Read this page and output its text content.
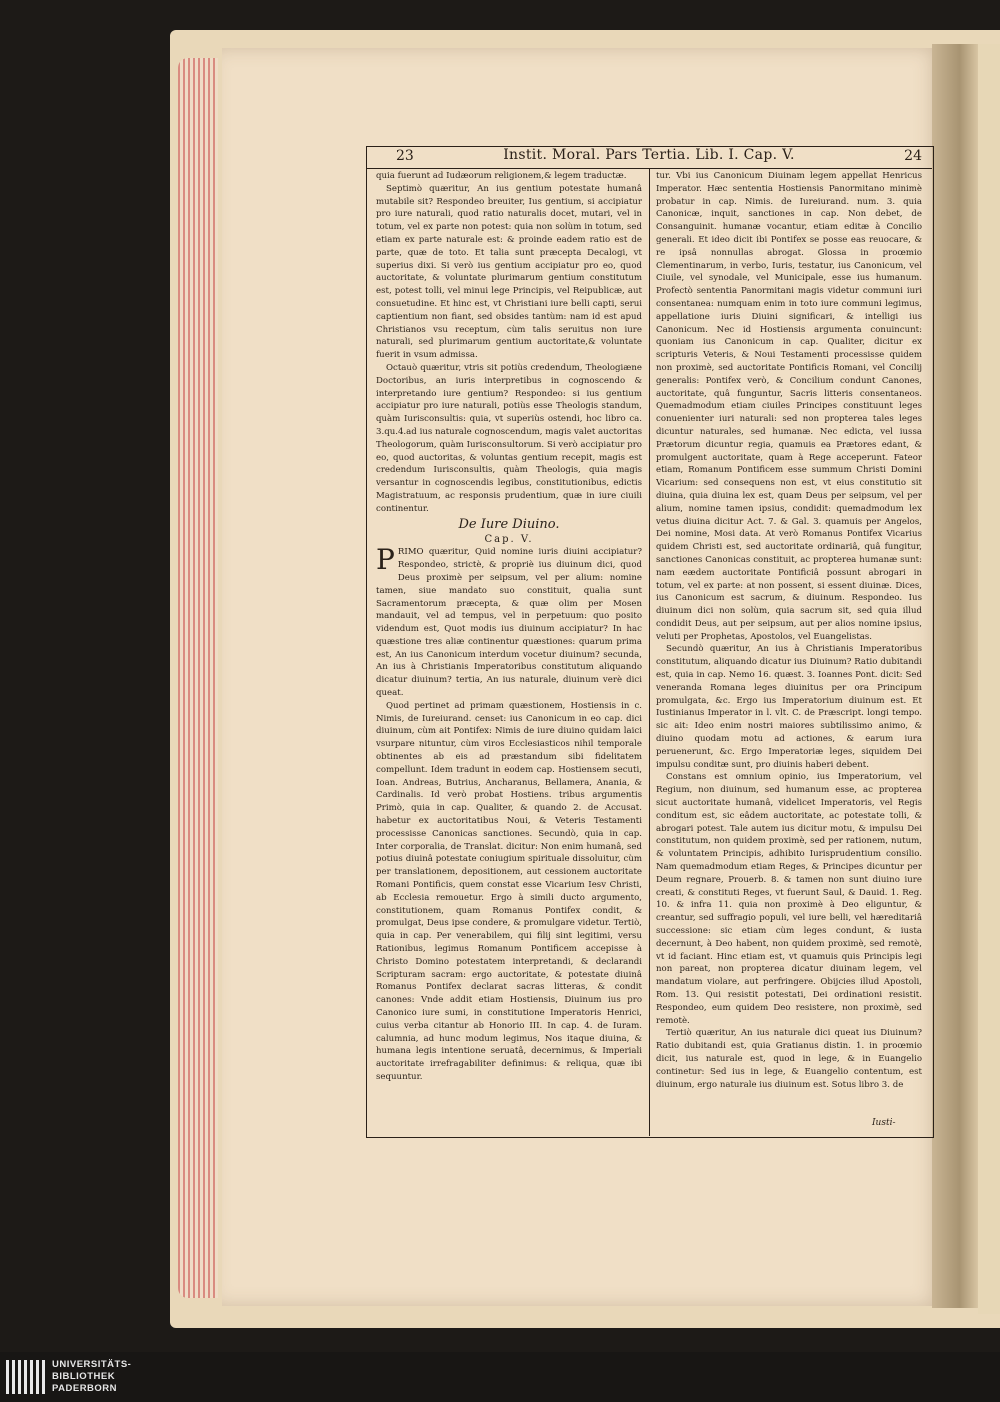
23	Instit. Moral. Pars Tertia. Lib. I. Cap. V.	24

quia fuerunt ad Iudæorum religionem,& legem traductæ.

Septimò quæritur, An ius gentium potestate humanâ mutabile sit? Respondeo breuiter, Ius gentium, si accipiatur pro iure naturali, quod ratio naturalis docet, mutari, vel in totum, vel ex parte non potest: quia non solùm in totum, sed etiam ex parte naturale est: & proinde eadem ratio est de parte, quæ de toto. Et talia sunt præcepta Decalogi, vt superius dixi. Si verò ius gentium accipiatur pro eo, quod auctoritate, & voluntate plurimarum gentium constitutum est, potest tolli, vel minui lege Principis, vel Reipublicæ, aut consuetudine. Et hinc est, vt Christiani iure belli capti, serui captientium non fiant, sed obsides tantùm: nam id est apud Christianos vsu receptum, cùm talis seruitus non iure naturali, sed plurimarum gentium auctoritate,& voluntate fuerit in vsum admissa.

Octauò quæritur, vtris sit potiùs credendum, Theologiæne Doctoribus, an iuris interpretibus in cognoscendo & interpretando iure gentium? Respondeo: si ius gentium accipiatur pro iure naturali, potiùs esse Theologis standum, quàm Iurisconsultis: quia, vt superiùs ostendi, hoc libro ca. 3.qu.4.ad ius naturale cognoscendum, magis valet auctoritas Theologorum, quàm Iurisconsultorum. Si verò accipiatur pro eo, quod auctoritas, & voluntas gentium recepit, magis est credendum Iurisconsultis, quàm Theologis, quia magis versantur in cognoscendis legibus, constitutionibus, edictis Magistratuum, ac responsis prudentium, quæ in iure ciuili continentur.

De Iure Diuino.

Cap. V.

PRIMO quæritur, Quid nomine iuris diuini accipiatur? Respondeo, strictè, & propriè ius diuinum dici, quod Deus proximè per seipsum, vel per alium: nomine tamen, siue mandato suo constituit, qualia sunt Sacramentorum præcepta, & quæ olim per Mosen mandauit, vel ad tempus, vel in perpetuum: quo posito videndum est, Quot modis ius diuinum accipiatur? In hac quæstione tres aliæ continentur quæstiones: quarum prima est, An ius Canonicum interdum vocetur diuinum? secunda, An ius à Christianis Imperatoribus constitutum aliquando dicatur diuinum? tertia, An ius naturale, diuinum verè dici queat.

Quod pertinet ad primam quæstionem, Hostiensis in c. Nimis, de Iureiurand. censet: ius Canonicum in eo cap. dici diuinum, cùm ait Pontifex: Nimis de iure diuino quidam laici vsurpare nituntur, cùm viros Ecclesiasticos nihil temporale obtinentes ab eis ad præstandum sibi fidelitatem compellunt. Idem tradunt in eodem cap. Hostiensem secuti, Ioan. Andreas, Butrius, Ancharanus, Bellamera, Anania, & Cardinalis. Id verò probat Hostiens. tribus argumentis Primò, quia in cap. Qualiter, & quando 2. de Accusat. habetur ex auctoritatibus Noui, & Veteris Testamenti processisse Canonicas sanctiones. Secundò, quia in cap. Inter corporalia, de Translat. dicitur: Non enim humanâ, sed potius diuinâ potestate coniugium spirituale dissoluitur, cùm per translationem, depositionem, aut cessionem auctoritate Romani Pontificis, quem constat esse Vicarium Iesv Christi, ab Ecclesia remouetur. Ergo à simili ducto argumento, constitutionem, quam Romanus Pontifex condit, & promulgat, Deus ipse condere, & promulgare videtur. Tertiò, quia in cap. Per venerabilem, qui filij sint legitimi, versu Rationibus, legimus Romanum Pontificem accepisse à Christo Domino potestatem interpretandi, & declarandi Scripturam sacram: ergo auctoritate, & potestate diuinâ Romanus Pontifex declarat sacras litteras, & condit canones: Vnde addit etiam Hostiensis, Diuinum ius pro Canonico iure sumi, in constitutione Imperatoris Henrici, cuius verba citantur ab Honorio III. In cap. 4. de Iuram. calumnia, ad hunc modum legimus, Nos itaque diuina, & humana legis intentione seruatâ, decernimus, & Imperiali auctoritate irrefragabiliter definimus: & reliqua, quæ ibi sequuntur.

tur. Vbi ius Canonicum Diuinam legem appellat Henricus Imperator. Hæc sententia Hostiensis Panormitano minimè probatur in cap. Nimis. de Iureiurand. num. 3. quia Canonicæ, inquit, sanctiones in cap. Non debet, de Consanguinit. humanæ vocantur, etiam editæ à Concilio generali. Et ideo dicit ibi Pontifex se posse eas reuocare, & re ipsâ nonnullas abrogat. Glossa in proœmio Clementinarum, in verbo, Iuris, testatur, ius Canonicum, vel Ciuile, vel synodale, vel Municipale, esse ius humanum. Profectò sententia Panormitani magis videtur communi iuri consentanea: numquam enim in toto iure communi legimus, appellatione iuris Diuini significari, & intelligi ius Canonicum. Nec id Hostiensis argumenta conuincunt: quoniam ius Canonicum in cap. Qualiter, dicitur ex scripturis Veteris, & Noui Testamenti processisse quidem non proximè, sed auctoritate Pontificis Romani, vel Concilij generalis: Pontifex verò, & Concilium condunt Canones, auctoritate, quâ funguntur, Sacris litteris consentaneos. Quemadmodum etiam ciuiles Principes constituunt leges conuenienter iuri naturali: sed non propterea tales leges dicuntur naturales, sed humanæ. Nec edicta, vel iussa Prætorum dicuntur regia, quamuis ea Prætores edant, & promulgent auctoritate, quam à Rege acceperunt. Fateor etiam, Romanum Pontificem esse summum Christi Domini Vicarium: sed consequens non est, vt eius constitutio sit diuina, quia diuina lex est, quam Deus per seipsum, vel per alium, nomine tamen ipsius, condidit: quemadmodum lex vetus diuina dicitur Act. 7. & Gal. 3. quamuis per Angelos, Dei nomine, Mosi data. At verò Romanus Pontifex Vicarius quidem Christi est, sed auctoritate ordinariâ, quâ fungitur, sanctiones Canonicas constituit, ac propterea humanæ sunt: nam eædem auctoritate Pontificiâ possunt abrogari in totum, vel ex parte: at non possent, si essent diuinæ. Dices, ius Canonicum est sacrum, & diuinum. Respondeo. Ius diuinum dici non solùm, quia sacrum sit, sed quia illud condidit Deus, aut per seipsum, aut per alios nomine ipsius, veluti per Prophetas, Apostolos, vel Euangelistas.

Secundò quæritur, An ius à Christianis Imperatoribus constitutum, aliquando dicatur ius Diuinum? Ratio dubitandi est, quia in cap. Nemo 16. quæst. 3. Ioannes Pont. dicit: Sed veneranda Romana leges diuinitus per ora Principum promulgata, &c. Ergo ius Imperatorium diuinum est. Et Iustinianus Imperator in l. vlt. C. de Præscript. longi tempo. sic ait: Ideo enim nostri maiores subtilissimo animo, & diuino quodam motu ad actiones, & earum iura peruenerunt, &c. Ergo Imperatoriæ leges, siquidem Dei impulsu conditæ sunt, pro diuinis haberi debent.

Constans est omnium opinio, ius Imperatorium, vel Regium, non diuinum, sed humanum esse, ac propterea sicut auctoritate humanâ, videlicet Imperatoris, vel Regis conditum est, sic eâdem auctoritate, ac potestate tolli, & abrogari potest. Tale autem ius dicitur motu, & impulsu Dei constitutum, non quidem proximè, sed per rationem, nutum, & voluntatem Principis, adhibito Iurisprudentium consilio. Nam quemadmodum etiam Reges, & Principes dicuntur per Deum regnare, Prouerb. 8. & tamen non sunt diuino iure creati, & constituti Reges, vt fuerunt Saul, & Dauid. 1. Reg. 10. & infra 11. quia non proximè à Deo eliguntur, & creantur, sed suffragio populi, vel iure belli, vel hæreditariâ successione: sic etiam cùm leges condunt, & iusta decernunt, à Deo habent, non quidem proximè, sed remotè, vt id faciant. Hinc etiam est, vt quamuis quis Principis legi non pareat, non propterea dicatur diuinam legem, vel mandatum violare, aut perfringere. Obijcies illud Apostoli, Rom. 13. Qui resistit potestati, Dei ordinationi resistit. Respondeo, eum quidem Deo resistere, non proximè, sed remotè.

Tertiò quæritur, An ius naturale dici queat ius Diuinum? Ratio dubitandi est, quia Gratianus distin. 1. in proœmio dicit, ius naturale est, quod in lege, & in Euangelio continetur: Sed ius in lege, & Euangelio contentum, est diuinum, ergo naturale ius diuinum est. Sotus libro 3. de

Iusti-
UNIVERSITÄTS-
BIBLIOTHEK
PADERBORN
